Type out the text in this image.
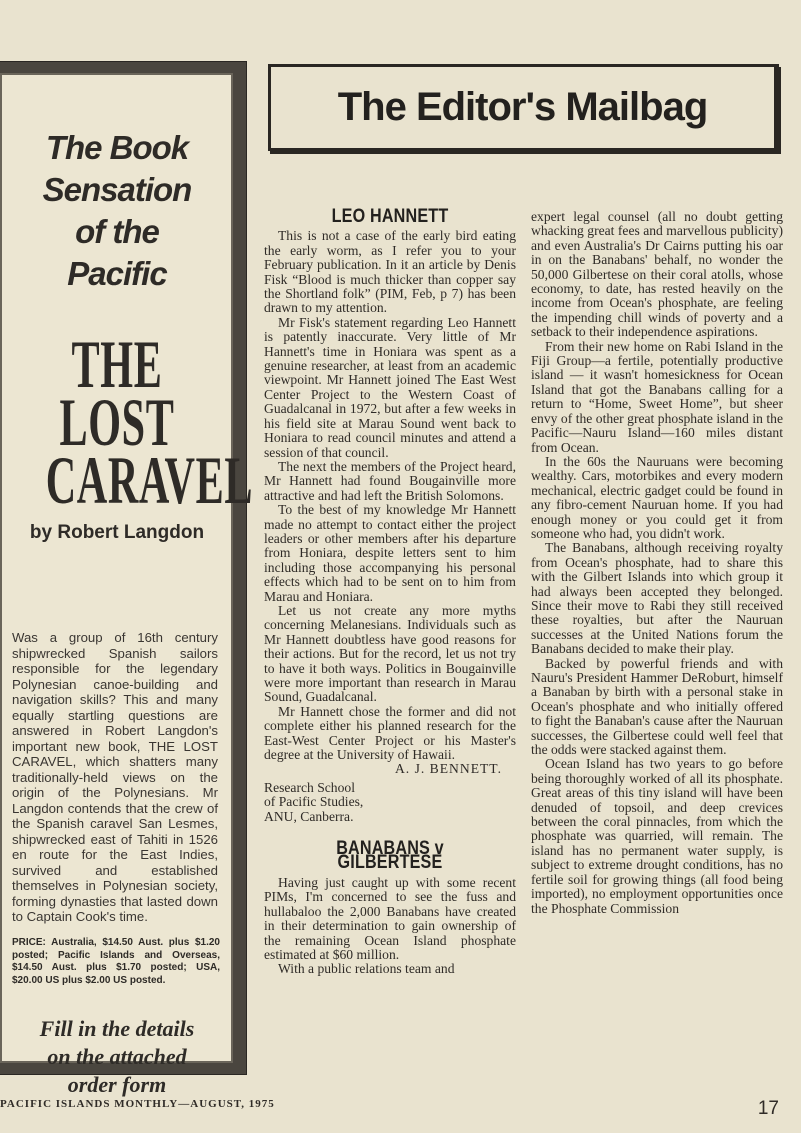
The Book
Sensation
of the
Pacific
THE
LOST
CARAVEL
by Robert Langdon
Was a group of 16th century shipwrecked Spanish sailors responsible for the legendary Polynesian canoe-building and navigation skills? This and many equally startling questions are answered in Robert Langdon's important new book, THE LOST CARAVEL, which shatters many traditionally-held views on the origin of the Polynesians. Mr Langdon contends that the crew of the Spanish caravel San Lesmes, shipwrecked east of Tahiti in 1526 en route for the East Indies, survived and established themselves in Polynesian society, forming dynasties that lasted down to Captain Cook's time.
PRICE: Australia, $14.50 Aust. plus $1.20 posted; Pacific Islands and Overseas, $14.50 Aust. plus $1.70 posted; USA, $20.00 US plus $2.00 US posted.
Fill in the details
on the attached
order form
The Editor's Mailbag
LEO HANNETT

This is not a case of the early bird eating the early worm, as I refer you to your February publication. In it an article by Denis Fisk “Blood is much thicker than copper say the Shortland folk” (PIM, Feb, p 7) has been drawn to my attention.

Mr Fisk's statement regarding Leo Hannett is patently inaccurate. Very little of Mr Hannett's time in Honiara was spent as a genuine researcher, at least from an academic viewpoint. Mr Hannett joined The East West Center Project to the Western Coast of Guadalcanal in 1972, but after a few weeks in his field site at Marau Sound went back to Honiara to read council minutes and attend a session of that council.

The next the members of the Project heard, Mr Hannett had found Bougainville more attractive and had left the British Solomons.

To the best of my knowledge Mr Hannett made no attempt to contact either the project leaders or other members after his departure from Honiara, despite letters sent to him including those accompanying his personal effects which had to be sent on to him from Marau and Honiara.

Let us not create any more myths concerning Melanesians. Individuals such as Mr Hannett doubtless have good reasons for their actions. But for the record, let us not try to have it both ways. Politics in Bougainville were more important than research in Marau Sound, Guadalcanal.

Mr Hannett chose the former and did not complete either his planned research for the East-West Center Project or his Master's degree at the University of Hawaii.

A. J. BENNETT.
Research School
of Pacific Studies,
ANU, Canberra.
BANABANS v GILBERTESE

Having just caught up with some recent PIMs, I'm concerned to see the fuss and hullabaloo the 2,000 Banabans have created in their determination to gain ownership of the remaining Ocean Island phosphate estimated at $60 million.

With a public relations team and

expert legal counsel (all no doubt getting whacking great fees and marvellous publicity) and even Australia's Dr Cairns putting his oar in on the Banabans' behalf, no wonder the 50,000 Gilbertese on their coral atolls, whose economy, to date, has rested heavily on the income from Ocean's phosphate, are feeling the impending chill winds of poverty and a setback to their independence aspirations.

From their new home on Rabi Island in the Fiji Group—a fertile, potentially productive island — it wasn't homesickness for Ocean Island that got the Banabans calling for a return to “Home, Sweet Home”, but sheer envy of the other great phosphate island in the Pacific—Nauru Island—160 miles distant from Ocean.

In the 60s the Nauruans were becoming wealthy. Cars, motorbikes and every modern mechanical, electric gadget could be found in any fibro-cement Nauruan home. If you had enough money or you could get it from someone who had, you didn't work.

The Banabans, although receiving royalty from Ocean's phosphate, had to share this with the Gilbert Islands into which group it had always been accepted they belonged. Since their move to Rabi they still received these royalties, but after the Nauruan successes at the United Nations forum the Banabans decided to make their play.

Backed by powerful friends and with Nauru's President Hammer DeRoburt, himself a Banaban by birth with a personal stake in Ocean's phosphate and who initially offered to fight the Banaban's cause after the Nauruan successes, the Gilbertese could well feel that the odds were stacked against them.

Ocean Island has two years to go before being thoroughly worked of all its phosphate. Great areas of this tiny island will have been denuded of topsoil, and deep crevices between the coral pinnacles, from which the phosphate was quarried, will remain. The island has no permanent water supply, is subject to extreme drought conditions, has no fertile soil for growing things (all food being imported), no employment opportunities once the Phosphate Commission

PACIFIC ISLANDS MONTHLY—AUGUST, 1975	17
